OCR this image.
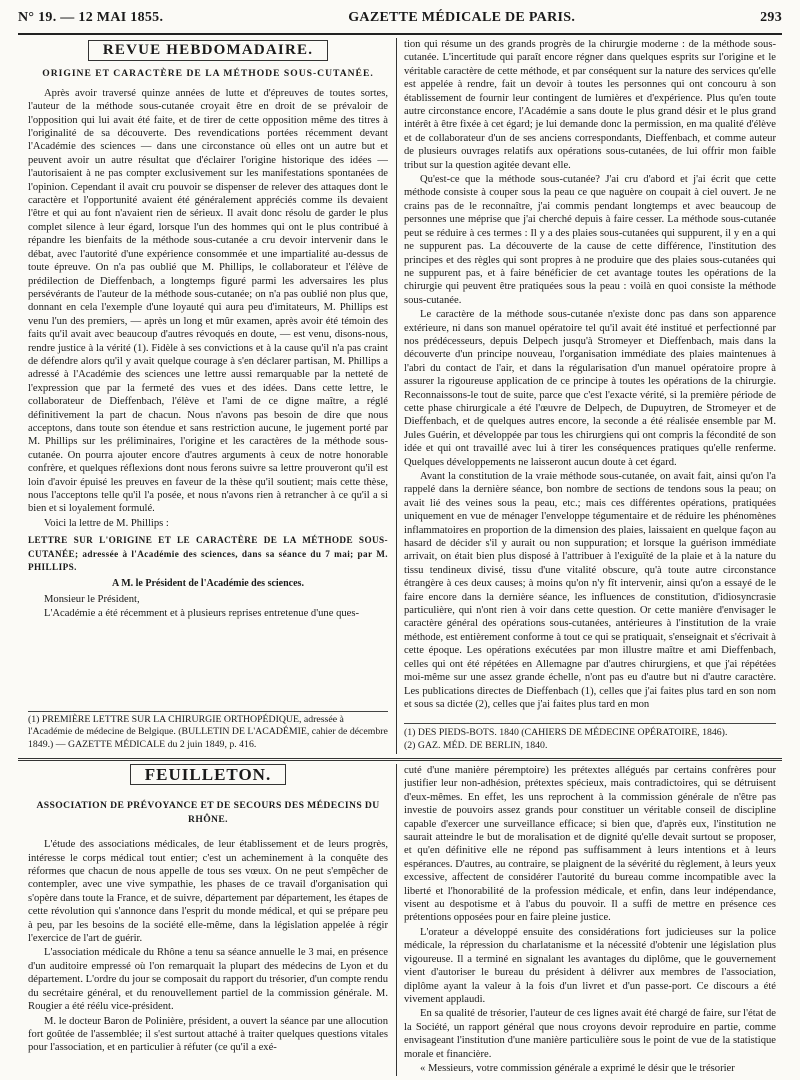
N° 19. — 12 MAI 1855.	GAZETTE MÉDICALE DE PARIS.	293
REVUE HEBDOMADAIRE.
ORIGINE ET CARACTÈRE DE LA MÉTHODE SOUS-CUTANÉE.

Après avoir traversé quinze années de lutte et d'épreuves de toutes sortes, l'auteur de la méthode sous-cutanée croyait être en droit de se prévaloir de l'opposition qui lui avait été faite, et de tirer de cette opposition même des titres à l'originalité de sa découverte. Des revendications portées récemment devant l'Académie des sciences — dans une circonstance où elles ont un autre but et peuvent avoir un autre résultat que d'éclairer l'origine historique des idées — l'autorisaient à ne pas compter exclusivement sur les manifestations spontanées de l'opinion. Cependant il avait cru pouvoir se dispenser de relever des attaques dont le caractère et l'opportunité avaient été généralement appréciés comme ils devaient l'être et qui au font n'avaient rien de sérieux. Il avait donc résolu de garder le plus complet silence à leur égard, lorsque l'un des hommes qui ont le plus contribué à répandre les bienfaits de la méthode sous-cutanée a cru devoir intervenir dans le débat, avec l'autorité d'une expérience consommée et une impartialité au-dessus de toute épreuve. On n'a pas oublié que M. Phillips, le collaborateur et l'élève de prédilection de Dieffenbach, a longtemps figuré parmi les adversaires les plus persévérants de l'auteur de la méthode sous-cutanée; on n'a pas oublié non plus que, donnant en cela l'exemple d'une loyauté qui aura peu d'imitateurs, M. Phillips est venu l'un des premiers, — après un long et mûr examen, après avoir été témoin des faits qu'il avait avec beaucoup d'autres révoqués en doute, — est venu, disons-nous, rendre justice à la vérité (1). Fidèle à ses convictions et à la cause qu'il n'a pas craint de défendre alors qu'il y avait quelque courage à s'en déclarer partisan, M. Phillips a adressé à l'Académie des sciences une lettre aussi remarquable par la netteté de l'expression que par la fermeté des vues et des idées. Dans cette lettre, le collaborateur de Dieffenbach, l'élève et l'ami de ce digne maître, a réglé définitivement la part de chacun. Nous n'avons pas besoin de dire que nous acceptons, dans toute son étendue et sans restriction aucune, le jugement porté par M. Phillips sur les préliminaires, l'origine et les caractères de la méthode sous-cutanée. On pourra ajouter encore d'autres arguments à ceux de notre honorable confrère, et quelques réflexions dont nous ferons suivre sa lettre prouveront qu'il est loin d'avoir épuisé les preuves en faveur de la thèse qu'il soutient; mais cette thèse, nous l'acceptons telle qu'il l'a posée, et nous n'avons rien à retrancher à ce qu'il a si bien et si loyalement formulé.

Voici la lettre de M. Phillips :

LETTRE SUR L'ORIGINE ET LE CARACTÈRE DE LA MÉTHODE SOUS-CUTANÉE; adressée à l'Académie des sciences, dans sa séance du 7 mai; par M. PHILLIPS.
A M. le Président de l'Académie des sciences.

Monsieur le Président,

L'Académie a été récemment et à plusieurs reprises entretenue d'une ques-

tion qui résume un des grands progrès de la chirurgie moderne : de la méthode sous-cutanée. L'incertitude qui paraît encore régner dans quelques esprits sur l'origine et le véritable caractère de cette méthode, et par conséquent sur la nature des services qu'elle est appelée à rendre, fait un devoir à toutes les personnes qui ont concouru à son établissement de fournir leur contingent de lumières et d'expérience. Plus qu'en toute autre circonstance encore, l'Académie a sans doute le plus grand désir et le plus grand intérêt à être fixée à cet égard; je lui demande donc la permission, en ma qualité d'élève et de collaborateur d'un de ses anciens correspondants, Dieffenbach, et comme auteur de plusieurs ouvrages relatifs aux opérations sous-cutanées, de lui offrir mon faible tribut sur la question agitée devant elle.

Qu'est-ce que la méthode sous-cutanée? J'ai cru d'abord et j'ai écrit que cette méthode consiste à couper sous la peau ce que naguère on coupait à ciel ouvert. Je ne crains pas de le reconnaître, j'ai commis pendant longtemps et avec beaucoup de personnes une méprise que j'ai cherché depuis à faire cesser. La méthode sous-cutanée peut se réduire à ces termes : Il y a des plaies sous-cutanées qui suppurent, il y en a qui ne suppurent pas. La découverte de la cause de cette différence, l'institution des principes et des règles qui sont propres à ne produire que des plaies sous-cutanées qui ne suppurent pas, et à faire bénéficier de cet avantage toutes les opérations de la chirurgie qui peuvent être pratiquées sous la peau : voilà en quoi consiste la méthode sous-cutanée.

Le caractère de la méthode sous-cutanée n'existe donc pas dans son apparence extérieure, ni dans son manuel opératoire tel qu'il avait été institué et perfectionné par nos prédécesseurs, depuis Delpech jusqu'à Stromeyer et Dieffenbach, mais dans la découverte d'un principe nouveau, l'organisation immédiate des plaies maintenues à l'abri du contact de l'air, et dans la régularisation d'un manuel opératoire propre à assurer la rigoureuse application de ce principe à toutes les opérations de la chirurgie. Reconnaissons-le tout de suite, parce que c'est l'exacte vérité, si la première période de cette phase chirurgicale a été l'œuvre de Delpech, de Dupuytren, de Stromeyer et de Dieffenbach, et de quelques autres encore, la seconde a été réalisée ensemble par M. Jules Guérin, et développée par tous les chirurgiens qui ont compris la fécondité de son idée et qui ont travaillé avec lui à tirer les conséquences pratiques qu'elle renferme. Quelques développements ne laisseront aucun doute à cet égard.

Avant la constitution de la vraie méthode sous-cutanée, on avait fait, ainsi qu'on l'a rappelé dans la dernière séance, bon nombre de sections de tendons sous la peau; on avait lié des veines sous la peau, etc.; mais ces différentes opérations, pratiquées uniquement en vue de ménager l'enveloppe tégumentaire et de réduire les phénomènes inflammatoires en proportion de la dimension des plaies, laissaient en quelque façon au hasard de décider s'il y aurait ou non suppuration; et lorsque la guérison immédiate arrivait, on était bien plus disposé à l'attribuer à l'exiguïté de la plaie et à la nature du tissu tendineux divisé, tissu d'une vitalité obscure, qu'à toute autre circonstance étrangère à ces deux causes; à moins qu'on n'y fît intervenir, ainsi qu'on a essayé de le faire encore dans la dernière séance, les influences de constitution, d'idiosyncrasie particulière, qui n'ont rien à voir dans cette question. Or cette manière d'envisager le caractère général des opérations sous-cutanées, antérieures à l'institution de la vraie méthode, est entièrement conforme à tout ce qui se pratiquait, s'enseignait et s'écrivait à cette époque. Les opérations exécutées par mon illustre maître et ami Dieffenbach, celles qui ont été répétées en Allemagne par d'autres chirurgiens, et que j'ai répétées moi-même sur une assez grande échelle, n'ont pas eu d'autre but ni d'autre caractère. Les publications directes de Dieffenbach (1), celles que j'ai faites plus tard en son nom et sous sa dictée (2), celles que j'ai faites plus tard en mon

(1) PREMIÈRE LETTRE SUR LA CHIRURGIE ORTHOPÉDIQUE, adressée à l'Académie de médecine de Belgique. (BULLETIN DE L'ACADÉMIE, cahier de décembre 1849.) — GAZETTE MÉDICALE du 2 juin 1849, p. 416.

(1) DES PIEDS-BOTS. 1840 (CAHIERS DE MÉDECINE OPÉRATOIRE, 1846).

(2) GAZ. MÉD. DE BERLIN, 1840.

FEUILLETON.
ASSOCIATION DE PRÉVOYANCE ET DE SECOURS DES MÉDECINS DU RHÔNE.

L'étude des associations médicales, de leur établissement et de leurs progrès, intéresse le corps médical tout entier; c'est un acheminement à la conquête des réformes que chacun de nous appelle de tous ses vœux. On ne peut s'empêcher de contempler, avec une vive sympathie, les phases de ce travail d'organisation qui s'opère dans toute la France, et de suivre, département par département, les étapes de cette révolution qui s'annonce dans l'esprit du monde médical, et qui se prépare peu à peu, par les besoins de la société elle-même, dans la législation appelée à régir l'exercice de l'art de guérir.

L'association médicale du Rhône a tenu sa séance annuelle le 3 mai, en présence d'un auditoire empressé où l'on remarquait la plupart des médecins de Lyon et du département. L'ordre du jour se composait du rapport du trésorier, d'un compte rendu du secrétaire général, et du renouvellement partiel de la commission générale. M. Rougier a été réélu vice-président.

M. le docteur Baron de Polinière, président, a ouvert la séance par une allocution fort goûtée de l'assemblée; il s'est surtout attaché à traiter quelques questions vitales pour l'association, et en particulier à réfuter (ce qu'il a exé-

cuté d'une manière péremptoire) les prétextes allégués par certains confrères pour justifier leur non-adhésion, prétextes spécieux, mais contradictoires, qui se détruisent d'eux-mêmes. En effet, les uns reprochent à la commission générale de n'être pas investie de pouvoirs assez grands pour constituer un véritable conseil de discipline capable d'exercer une surveillance efficace; si bien que, d'après eux, l'institution ne saurait atteindre le but de moralisation et de dignité qu'elle devait surtout se proposer, et qu'en définitive elle ne répond pas suffisamment à leurs intentions et à leurs espérances. D'autres, au contraire, se plaignent de la sévérité du règlement, à leurs yeux excessive, affectent de considérer l'autorité du bureau comme incompatible avec la liberté et l'honorabilité de la profession médicale, et enfin, dans leur indépendance, visent au despotisme et à l'abus du pouvoir. Il a suffi de mettre en présence ces prétentions opposées pour en faire pleine justice.

L'orateur a développé ensuite des considérations fort judicieuses sur la police médicale, la répression du charlatanisme et la nécessité d'obtenir une législation plus vigoureuse. Il a terminé en signalant les avantages du diplôme, que le gouvernement vient d'autoriser le bureau du président à délivrer aux membres de l'association, diplôme ayant la valeur à la fois d'un livret et d'un passe-port. Ce discours a été vivement applaudi.

En sa qualité de trésorier, l'auteur de ces lignes avait été chargé de faire, sur l'état de la Société, un rapport général que nous croyons devoir reproduire en partie, comme envisageant l'institution d'une manière particulière sous le point de vue de la statistique morale et financière.

« Messieurs, votre commission générale a exprimé le désir que le trésorier
